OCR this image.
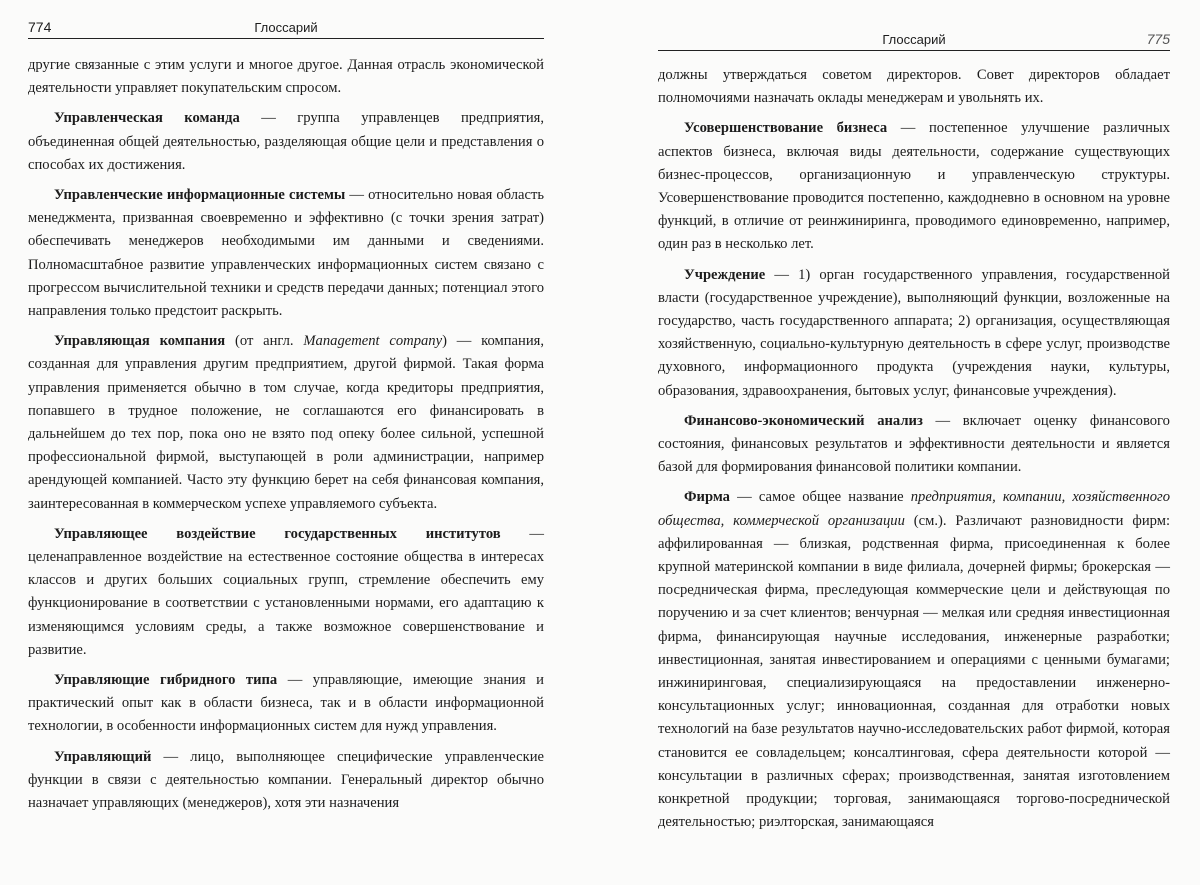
774	Глоссарий

другие связанные с этим услуги и многое другое. Данная отрасль экономической деятельности управляет покупательским спросом.

Управленческая команда — группа управленцев предприятия, объединенная общей деятельностью, разделяющая общие цели и представления о способах их достижения.

Управленческие информационные системы — относительно новая область менеджмента, призванная своевременно и эффективно (с точки зрения затрат) обеспечивать менеджеров необходимыми им данными и сведениями. Полномасштабное развитие управленческих информационных систем связано с прогрессом вычислительной техники и средств передачи данных; потенциал этого направления только предстоит раскрыть.

Управляющая компания (от англ. Management company) — компания, созданная для управления другим предприятием, другой фирмой. Такая форма управления применяется обычно в том случае, когда кредиторы предприятия, попавшего в трудное положение, не соглашаются его финансировать в дальнейшем до тех пор, пока оно не взято под опеку более сильной, успешной профессиональной фирмой, выступающей в роли администрации, например арендующей компанией. Часто эту функцию берет на себя финансовая компания, заинтересованная в коммерческом успехе управляемого субъекта.

Управляющее воздействие государственных институтов — целенаправленное воздействие на естественное состояние общества в интересах классов и других больших социальных групп, стремление обеспечить ему функционирование в соответствии с установленными нормами, его адаптацию к изменяющимся условиям среды, а также возможное совершенствование и развитие.

Управляющие гибридного типа — управляющие, имеющие знания и практический опыт как в области бизнеса, так и в области информационной технологии, в особенности информационных систем для нужд управления.

Управляющий — лицо, выполняющее специфические управленческие функции в связи с деятельностью компании. Генеральный директор обычно назначает управляющих (менеджеров), хотя эти назначения

Глоссарий	775

должны утверждаться советом директоров. Совет директоров обладает полномочиями назначать оклады менеджерам и увольнять их.

Усовершенствование бизнеса — постепенное улучшение различных аспектов бизнеса, включая виды деятельности, содержание существующих бизнес-процессов, организационную и управленческую структуры. Усовершенствование проводится постепенно, каждодневно в основном на уровне функций, в отличие от реинжиниринга, проводимого единовременно, например, один раз в несколько лет.

Учреждение — 1) орган государственного управления, государственной власти (государственное учреждение), выполняющий функции, возложенные на государство, часть государственного аппарата; 2) организация, осуществляющая хозяйственную, социально-культурную деятельность в сфере услуг, производстве духовного, информационного продукта (учреждения науки, культуры, образования, здравоохранения, бытовых услуг, финансовые учреждения).

Финансово-экономический анализ — включает оценку финансового состояния, финансовых результатов и эффективности деятельности и является базой для формирования финансовой политики компании.

Фирма — самое общее название предприятия, компании, хозяйственного общества, коммерческой организации (см.). Различают разновидности фирм: аффилированная — близкая, родственная фирма, присоединенная к более крупной материнской компании в виде филиала, дочерней фирмы; брокерская — посредническая фирма, преследующая коммерческие цели и действующая по поручению и за счет клиентов; венчурная — мелкая или средняя инвестиционная фирма, финансирующая научные исследования, инженерные разработки; инвестиционная, занятая инвестированием и операциями с ценными бумагами; инжиниринговая, специализирующаяся на предоставлении инженерно-консультационных услуг; инновационная, созданная для отработки новых технологий на базе результатов научно-исследовательских работ фирмой, которая становится ее совладельцем; консалтинговая, сфера деятельности которой — консультации в различных сферах; производственная, занятая изготовлением конкретной продукции; торговая, занимающаяся торгово-посреднической деятельностью; риэлторская, занимающаяся
